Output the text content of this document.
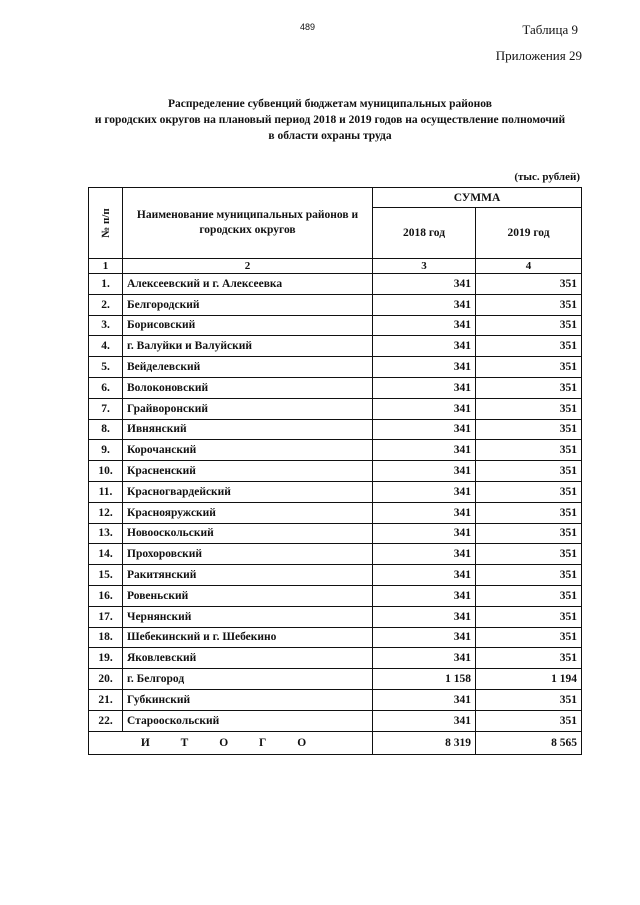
489	Таблица 9
Приложения 29
Распределение субвенций бюджетам муниципальных районов
и городских округов на плановый период 2018 и 2019 годов на осуществление полномочий
в области охраны труда
(тыс. рублей)
№ п/п	Наименование муниципальных районов и городских округов	СУММА	
		2018 год	2019 год
1	2	3	4
1.	Алексеевский и г. Алексеевка	341	351
2.	Белгородский	341	351
3.	Борисовский	341	351
4.	г. Валуйки и Валуйский	341	351
5.	Вейделевский	341	351
6.	Волоконовский	341	351
7.	Грайворонский	341	351
8.	Ивнянский	341	351
9.	Корочанский	341	351
10.	Красненский	341	351
11.	Красногвардейский	341	351
12.	Краснояружский	341	351
13.	Новооскольский	341	351
14.	Прохоровский	341	351
15.	Ракитянский	341	351
16.	Ровеньский	341	351
17.	Чернянский	341	351
18.	Шебекинский и г. Шебекино	341	351
19.	Яковлевский	341	351
20.	г. Белгород	1 158	1 194
21.	Губкинский	341	351
22.	Старооскольский	341	351
И Т О Г О		8 319	8 565
